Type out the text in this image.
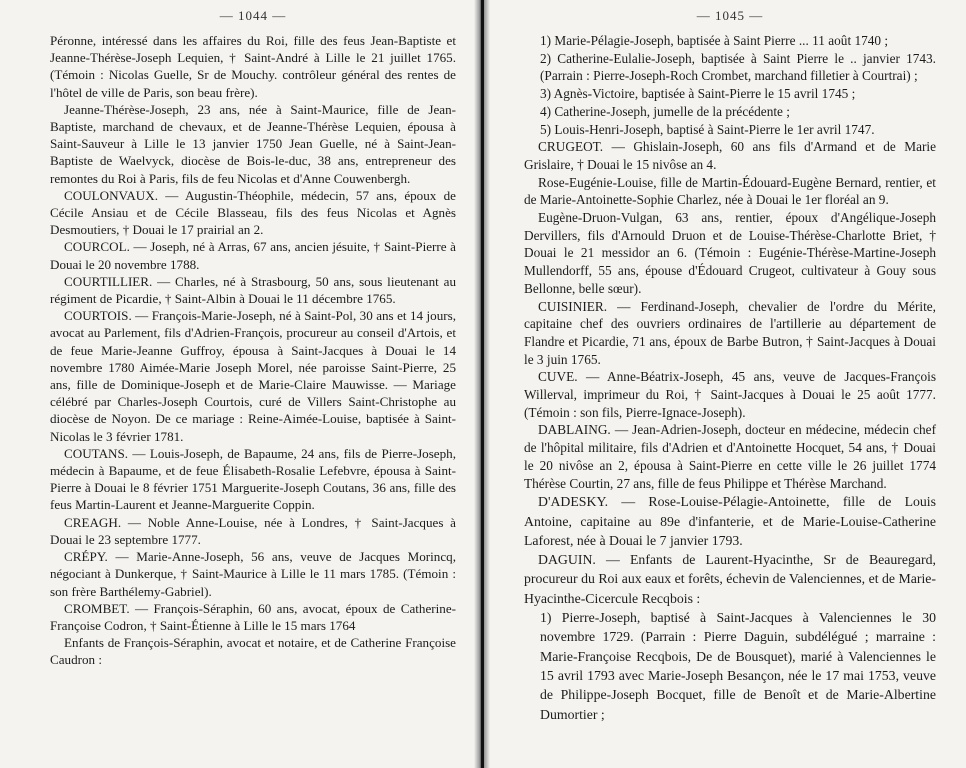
— 1044 —

Péronne, intéressé dans les affaires du Roi, fille des feus Jean-Baptiste et Jeanne-Thérèse-Joseph Lequien, † Saint-André à Lille le 21 juillet 1765. (Témoin : Nicolas Guelle, Sr de Mouchy. contrôleur général des rentes de l'hôtel de ville de Paris, son beau frère).

Jeanne-Thérèse-Joseph, 23 ans, née à Saint-Maurice, fille de Jean-Baptiste, marchand de chevaux, et de Jeanne-Thérèse Lequien, épousa à Saint-Sauveur à Lille le 13 janvier 1750 Jean Guelle, né à Saint-Jean-Baptiste de Waelvyck, diocèse de Bois-le-duc, 38 ans, entrepreneur des remontes du Roi à Paris, fils de feu Nicolas et d'Anne Couwenbergh.

COULONVAUX. — Augustin-Théophile, médecin, 57 ans, époux de Cécile Ansiau et de Cécile Blasseau, fils des feus Nicolas et Agnès Desmoutiers, † Douai le 17 prairial an 2.

COURCOL. — Joseph, né à Arras, 67 ans, ancien jésuite, † Saint-Pierre à Douai le 20 novembre 1788.

COURTILLIER. — Charles, né à Strasbourg, 50 ans, sous lieutenant au régiment de Picardie, † Saint-Albin à Douai le 11 décembre 1765.

COURTOIS. — François-Marie-Joseph, né à Saint-Pol, 30 ans et 14 jours, avocat au Parlement, fils d'Adrien-François, procureur au conseil d'Artois, et de feue Marie-Jeanne Guffroy, épousa à Saint-Jacques à Douai le 14 novembre 1780 Aimée-Marie Joseph Morel, née paroisse Saint-Pierre, 25 ans, fille de Dominique-Joseph et de Marie-Claire Mauwisse. — Mariage célébré par Charles-Joseph Courtois, curé de Villers Saint-Christophe au diocèse de Noyon. De ce mariage : Reine-Aimée-Louise, baptisée à Saint-Nicolas le 3 février 1781.

COUTANS. — Louis-Joseph, de Bapaume, 24 ans, fils de Pierre-Joseph, médecin à Bapaume, et de feue Élisabeth-Rosalie Lefebvre, épousa à Saint-Pierre à Douai le 8 février 1751 Marguerite-Joseph Coutans, 36 ans, fille des feus Martin-Laurent et Jeanne-Marguerite Coppin.

CREAGH. — Noble Anne-Louise, née à Londres, † Saint-Jacques à Douai le 23 septembre 1777.

CRÉPY. — Marie-Anne-Joseph, 56 ans, veuve de Jacques Morincq, négociant à Dunkerque, † Saint-Maurice à Lille le 11 mars 1785. (Témoin : son frère Barthélemy-Gabriel).

CROMBET. — François-Séraphin, 60 ans, avocat, époux de Catherine-Françoise Codron, † Saint-Étienne à Lille le 15 mars 1764

Enfants de François-Séraphin, avocat et notaire, et de Catherine Françoise Caudron :

— 1045 —

1) Marie-Pélagie-Joseph, baptisée à Saint Pierre ... 11 août 1740 ;

2) Catherine-Eulalie-Joseph, baptisée à Saint Pierre le .. janvier 1743. (Parrain : Pierre-Joseph-Roch Crombet, marchand filletier à Courtrai) ;

3) Agnès-Victoire, baptisée à Saint-Pierre le 15 avril 1745 ;

4) Catherine-Joseph, jumelle de la précédente ;

5) Louis-Henri-Joseph, baptisé à Saint-Pierre le 1er avril 1747.

CRUGEOT. — Ghislain-Joseph, 60 ans fils d'Armand et de Marie Grislaire, † Douai le 15 nivôse an 4.

Rose-Eugénie-Louise, fille de Martin-Édouard-Eugène Bernard, rentier, et de Marie-Antoinette-Sophie Charlez, née à Douai le 1er floréal an 9.

Eugène-Druon-Vulgan, 63 ans, rentier, époux d'Angélique-Joseph Dervillers, fils d'Arnould Druon et de Louise-Thérèse-Charlotte Briet, † Douai le 21 messidor an 6. (Témoin : Eugénie-Thérèse-Martine-Joseph Mullendorff, 55 ans, épouse d'Édouard Crugeot, cultivateur à Gouy sous Bellonne, belle sœur).

CUISINIER. — Ferdinand-Joseph, chevalier de l'ordre du Mérite, capitaine chef des ouvriers ordinaires de l'artillerie au département de Flandre et Picardie, 71 ans, époux de Barbe Butron, † Saint-Jacques à Douai le 3 juin 1765.

CUVE. — Anne-Béatrix-Joseph, 45 ans, veuve de Jacques-François Willerval, imprimeur du Roi, † Saint-Jacques à Douai le 25 août 1777. (Témoin : son fils, Pierre-Ignace-Joseph).

DABLAING. — Jean-Adrien-Joseph, docteur en médecine, médecin chef de l'hôpital militaire, fils d'Adrien et d'Antoinette Hocquet, 54 ans, † Douai le 20 nivôse an 2, épousa à Saint-Pierre en cette ville le 26 juillet 1774 Thérèse Courtin, 27 ans, fille de feus Philippe et Thérèse Marchand.

D'ADESKY. — Rose-Louise-Pélagie-Antoinette, fille de Louis Antoine, capitaine au 89e d'infanterie, et de Marie-Louise-Catherine Laforest, née à Douai le 7 janvier 1793.

DAGUIN. — Enfants de Laurent-Hyacinthe, Sr de Beauregard, procureur du Roi aux eaux et forêts, échevin de Valenciennes, et de Marie-Hyacinthe-Cicercule Recqbois :

1) Pierre-Joseph, baptisé à Saint-Jacques à Valenciennes le 30 novembre 1729. (Parrain : Pierre Daguin, subdélégué ; marraine : Marie-Françoise Recqbois, De de Bousquet), marié à Valenciennes le 15 avril 1793 avec Marie-Joseph Besançon, née le 17 mai 1753, veuve de Philippe-Joseph Bocquet, fille de Benoît et de Marie-Albertine Dumortier ;
